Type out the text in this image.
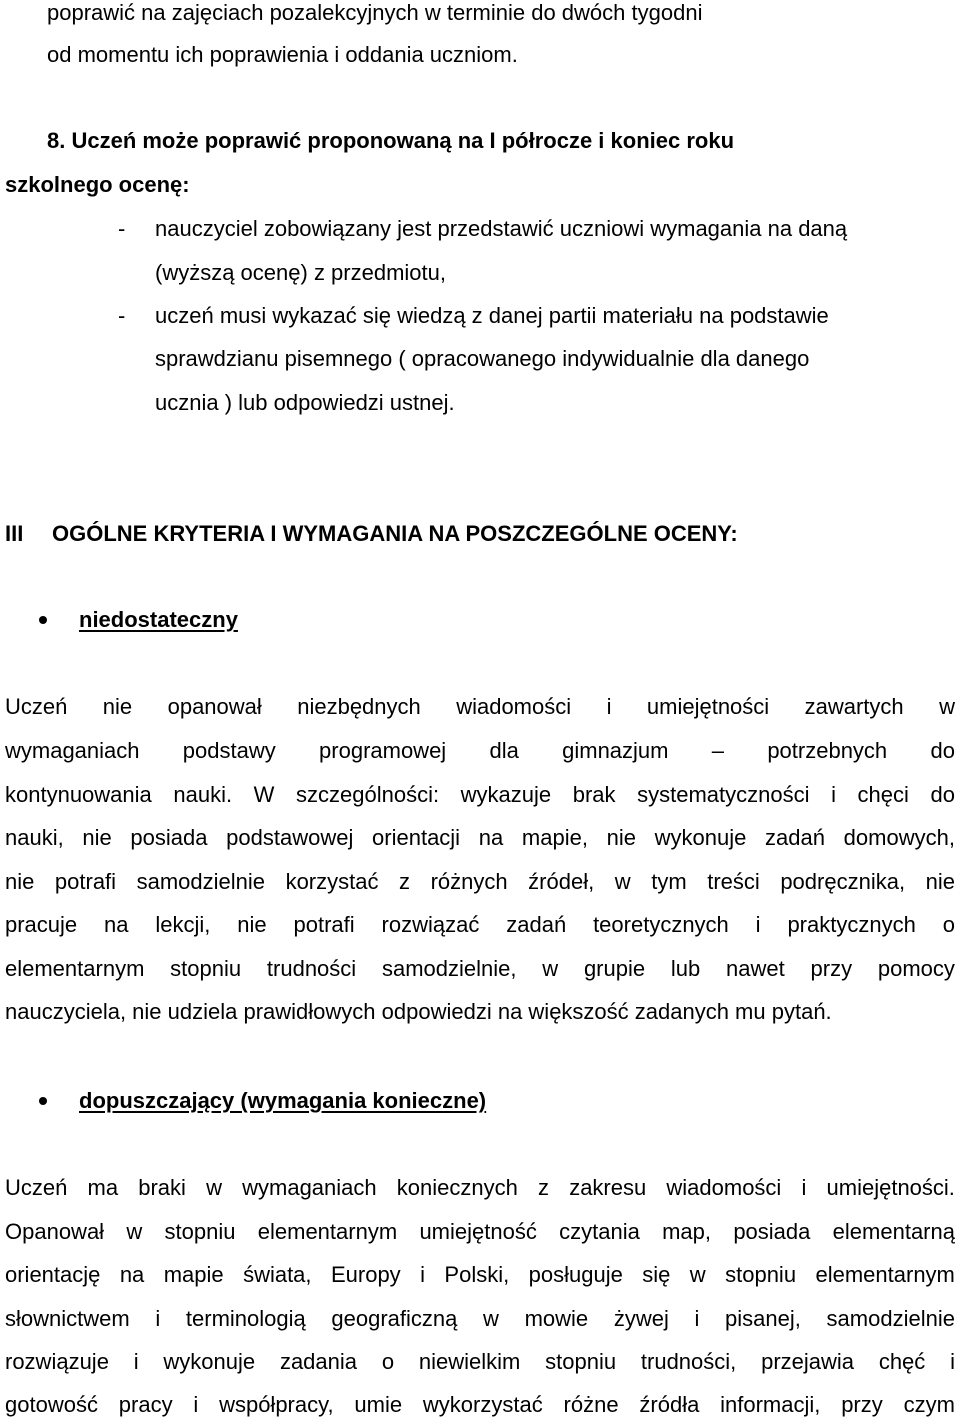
poprawić na zajęciach pozalekcyjnych w terminie do dwóch tygodni
od momentu ich poprawienia i oddania uczniom.
8. Uczeń może poprawić proponowaną na I półrocze i koniec roku
szkolnego ocenę:
- nauczyciel zobowiązany jest przedstawić uczniowi wymagania na daną
(wyższą ocenę) z przedmiotu,
- uczeń musi wykazać się wiedzą z danej partii materiału na podstawie
sprawdzianu pisemnego ( opracowanego indywidualnie dla danego
ucznia ) lub odpowiedzi ustnej.
III OGÓLNE KRYTERIA I WYMAGANIA NA POSZCZEGÓLNE OCENY:
niedostateczny
Uczeń nie opanował niezbędnych wiadomości i umiejętności zawartych w
wymaganiach podstawy programowej dla gimnazjum – potrzebnych do
kontynuowania nauki. W szczególności: wykazuje brak systematyczności i chęci do
nauki, nie posiada podstawowej orientacji na mapie, nie wykonuje zadań domowych,
nie potrafi samodzielnie korzystać z różnych źródeł, w tym treści podręcznika, nie
pracuje na lekcji, nie potrafi rozwiązać zadań teoretycznych i praktycznych o
elementarnym stopniu trudności samodzielnie, w grupie lub nawet przy pomocy
nauczyciela, nie udziela prawidłowych odpowiedzi na większość zadanych mu pytań.
dopuszczający (wymagania konieczne)
Uczeń ma braki w wymaganiach koniecznych z zakresu wiadomości i umiejętności.
Opanował w stopniu elementarnym umiejętność czytania map, posiada elementarną
orientację na mapie świata, Europy i Polski, posługuje się w stopniu elementarnym
słownictwem i terminologią geograficzną w mowie żywej i pisanej, samodzielnie
rozwiązuje i wykonuje zadania o niewielkim stopniu trudności, przejawia chęć i
gotowość pracy i współpracy, umie wykorzystać różne źródła informacji, przy czym
